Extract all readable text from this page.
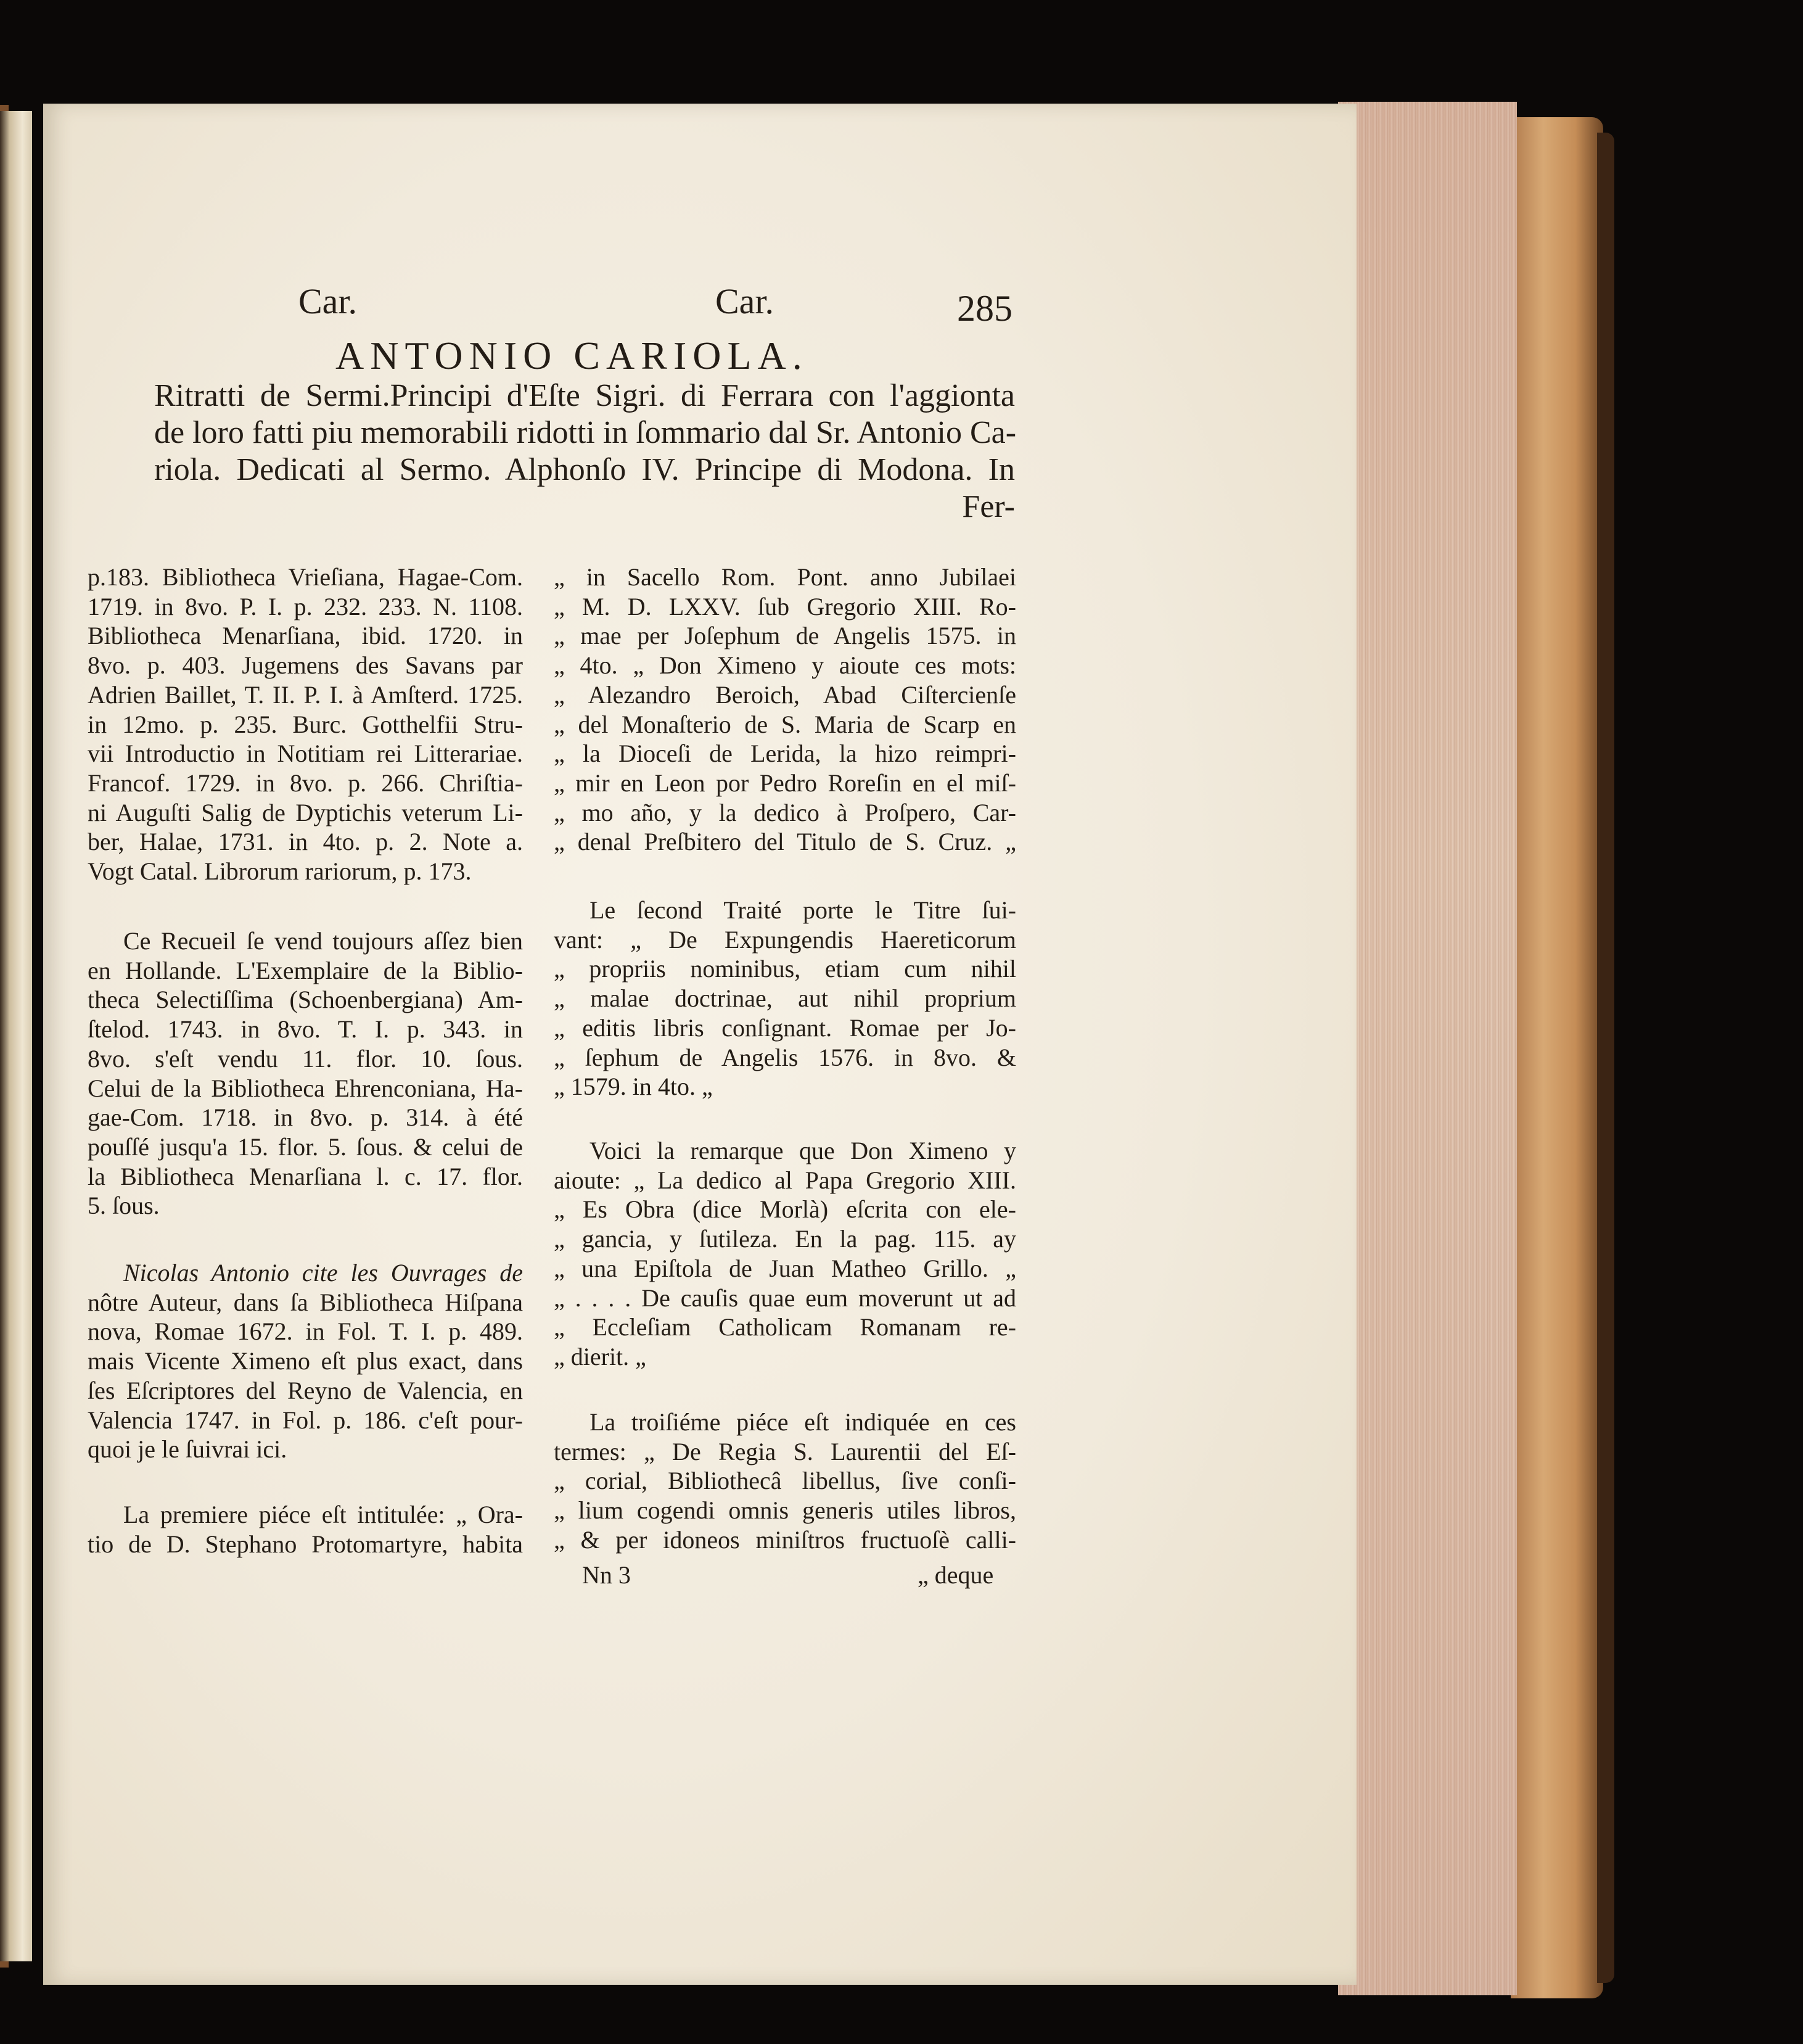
Car.	Car.	285
ANTONIO CARIOLA.
Ritratti de Sermi.Principi d'Eſte Sigri. di Ferrara con l'aggionta
de loro fatti piu memorabili ridotti in ſommario dal Sr. Antonio Ca-
riola. Dedicati al Sermo. Alphonſo IV. Principe di Modona. In
Fer-
p.183. Bibliotheca Vrieſiana, Hagae-Com.
1719. in 8vo. P. I. p. 232. 233. N. 1108.
Bibliotheca Menarſiana, ibid. 1720. in
8vo. p. 403. Jugemens des Savans par
Adrien Baillet, T. II. P. I. à Amſterd. 1725.
in 12mo. p. 235. Burc. Gotthelfii Stru-
vii Introductio in Notitiam rei Litterariae.
Francof. 1729. in 8vo. p. 266. Chriſtia-
ni Auguſti Salig de Dyptichis veterum Li-
ber, Halae, 1731. in 4to. p. 2. Note a.
Vogt Catal. Librorum rariorum, p. 173.
Ce Recueil ſe vend toujours aſſez bien
en Hollande. L'Exemplaire de la Biblio-
theca Selectiſſima (Schoenbergiana) Am-
ſtelod. 1743. in 8vo. T. I. p. 343. in
8vo. s'eſt vendu 11. flor. 10. ſous.
Celui de la Bibliotheca Ehrenconiana, Ha-
gae-Com. 1718. in 8vo. p. 314. à été
pouſſé jusqu'a 15. flor. 5. ſous. & celui de
la Bibliotheca Menarſiana l. c. 17. flor.
5. ſous.
Nicolas Antonio cite les Ouvrages de
nôtre Auteur, dans ſa Bibliotheca Hiſpana
nova, Romae 1672. in Fol. T. I. p. 489.
mais Vicente Ximeno eſt plus exact, dans
ſes Eſcriptores del Reyno de Valencia, en
Valencia 1747. in Fol. p. 186. c'eſt pour-
quoi je le ſuivrai ici.
La premiere piéce eſt intitulée: „ Ora-
tio de D. Stephano Protomartyre, habita
„ in Sacello Rom. Pont. anno Jubilaei
„ M. D. LXXV. ſub Gregorio XIII. Ro-
„ mae per Joſephum de Angelis 1575. in
„ 4to. „ Don Ximeno y aioute ces mots:
„ Alezandro Beroich, Abad Ciſtercienſe
„ del Monaſterio de S. Maria de Scarp en
„ la Dioceſi de Lerida, la hizo reimpri-
„ mir en Leon por Pedro Roreſin en el miſ-
„ mo año, y la dedico à Proſpero, Car-
„ denal Preſbitero del Titulo de S. Cruz. „
Le ſecond Traité porte le Titre ſui-
vant: „ De Expungendis Haereticorum
„ propriis nominibus, etiam cum nihil
„ malae doctrinae, aut nihil proprium
„ editis libris conſignant. Romae per Jo-
„ ſephum de Angelis 1576. in 8vo. &
„ 1579. in 4to. „
Voici la remarque que Don Ximeno y
aioute: „ La dedico al Papa Gregorio XIII.
„ Es Obra (dice Morlà) eſcrita con ele-
„ gancia, y ſutileza. En la pag. 115. ay
„ una Epiſtola de Juan Matheo Grillo. „
„ . . . . De cauſis quae eum moverunt ut ad
„ Eccleſiam Catholicam Romanam re-
„ dierit. „
La troiſiéme piéce eſt indiquée en ces
termes: „ De Regia S. Laurentii del Eſ-
„ corial, Bibliothecâ libellus, ſive conſi-
„ lium cogendi omnis generis utiles libros,
„ & per idoneos miniſtros fructuoſè calli-
Nn 3	„ deque
